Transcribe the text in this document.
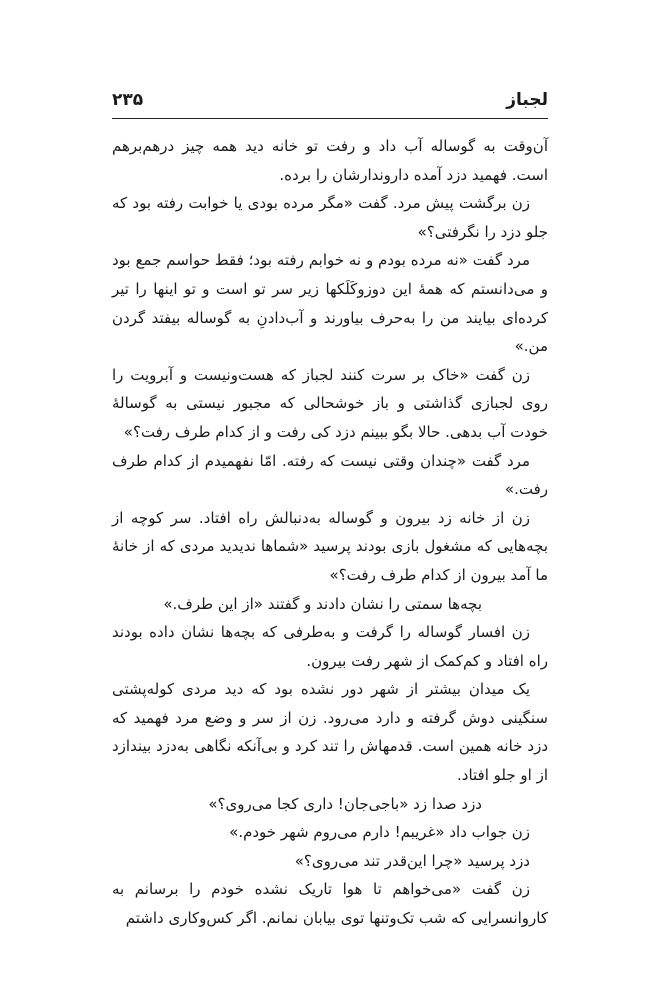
لجباز
۲۳۵

آن‌وقت به گوساله آب داد و رفت تو خانه دید همه چیز درهم‌برهم است. فهمید دزد آمده داروندارشان را برده.

زن برگشت پیش مرد. گفت «مگر مرده بودی یا خوابت رفته بود که جلو دزد را نگرفتی؟»

مرد گفت «نه مرده بودم و نه خوابم رفته بود؛ فقط حواسم جمع بود و می‌دانستم که همهٔ این دوزوکَلَکها زیر سر تو است و تو اینها را تیر کرده‌ای بیایند من را به‌حرف بیاورند و آب‌دادنِ به گوساله بیفتد گردن من.»

زن گفت «خاک بر سرت کنند لجباز که هست‌ونیست و آبرویت را روی لجبازی گذاشتی و باز خوشحالی که مجبور نیستی به گوسالهٔ خودت آب بدهی. حالا بگو ببینم دزد کی رفت و از کدام طرف رفت؟»

مرد گفت «چندان وقتی نیست که رفته. امّا نفهمیدم از کدام طرف رفت.»

زن از خانه زد بیرون و گوساله به‌دنبالش راه افتاد. سر کوچه از بچه‌هایی که مشغول بازی بودند پرسید «شماها ندیدید مردی که از خانهٔ ما آمد بیرون از کدام طرف رفت؟»

بچه‌ها سمتی را نشان دادند و گفتند «از این طرف.»

زن افسار گوساله را گرفت و به‌طرفی که بچه‌ها نشان داده بودند راه افتاد و کم‌کمک از شهر رفت بیرون.

یک میدان بیشتر از شهر دور نشده بود که دید مردی کوله‌پشتی سنگینی دوش گرفته و دارد می‌رود. زن از سر و وضع مرد فهمید که دزد خانه همین است. قدمهاش را تند کرد و بی‌آنکه نگاهی به‌دزد بیندازد از او جلو افتاد.

دزد صدا زد «باجی‌جان! داری کجا می‌روی؟»

زن جواب داد «غریبم! دارم می‌روم شهر خودم.»

دزد پرسید «چرا این‌قدر تند می‌روی؟»

زن گفت «می‌خواهم تا هوا تاریک نشده خودم را برسانم به کاروانسرایی که شب تک‌وتنها توی بیابان نمانم. اگر کس‌وکاری داشتم
